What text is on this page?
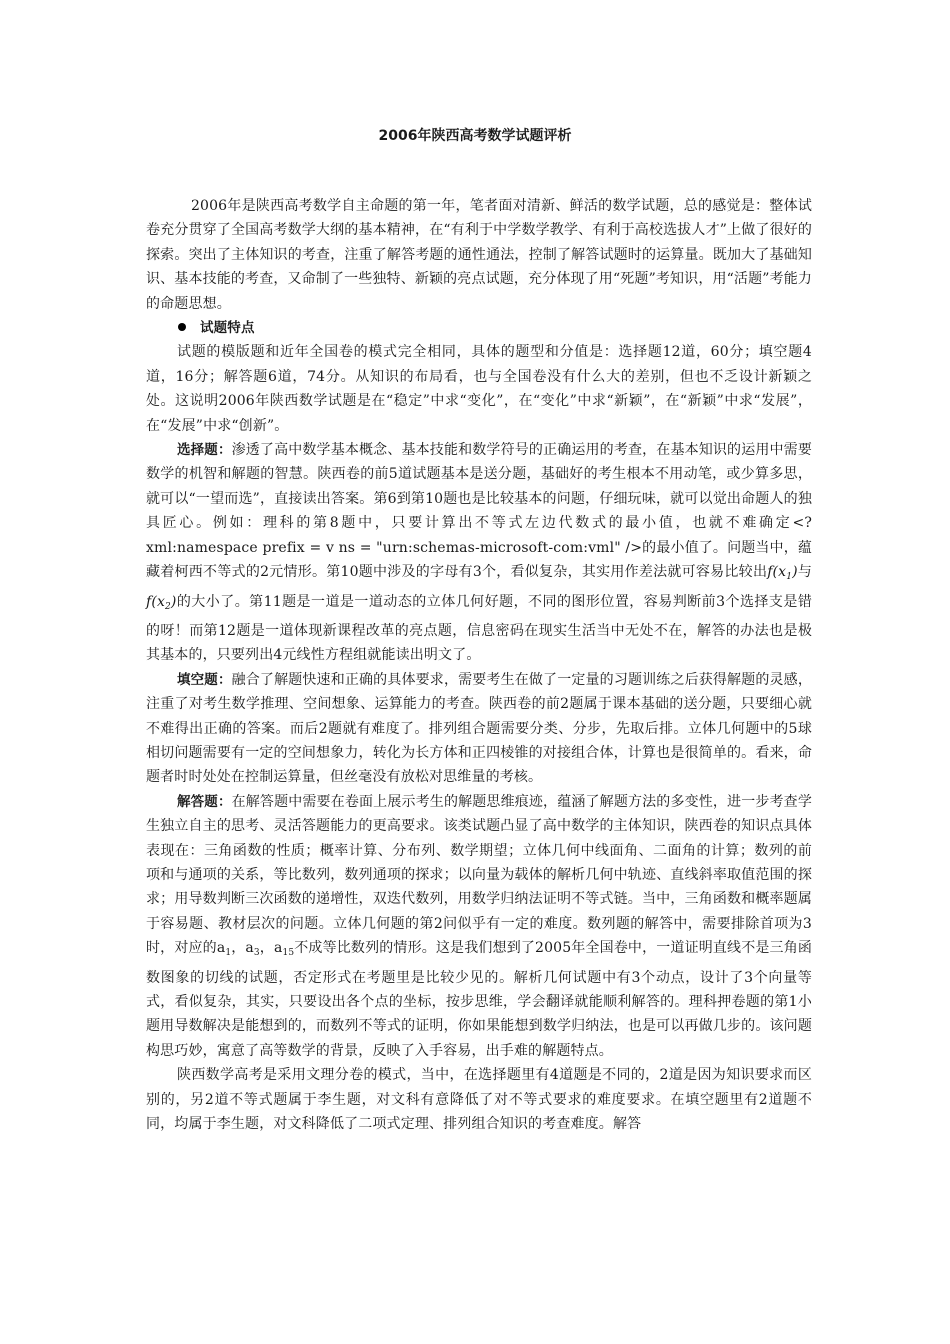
2006年陕西高考数学试题评析

2006年是陕西高考数学自主命题的第一年，笔者面对清新、鲜活的数学试题，总的感觉是：整体试卷充分贯穿了全国高考数学大纲的基本精神，在“有利于中学数学教学、有利于高校选拔人才”上做了很好的探索。突出了主体知识的考查，注重了解答考题的通性通法，控制了解答试题时的运算量。既加大了基础知识、基本技能的考查，又命制了一些独特、新颖的亮点试题，充分体现了用“死题”考知识，用“活题”考能力的命题思想。

试题特点

试题的模版题和近年全国卷的模式完全相同，具体的题型和分值是：选择题12道，60分；填空题4道，16分；解答题6道，74分。从知识的布局看，也与全国卷没有什么大的差别，但也不乏设计新颖之处。这说明2006年陕西数学试题是在“稳定”中求“变化”，在“变化”中求“新颖”，在“新颖”中求“发展”，在“发展”中求“创新”。

选择题：渗透了高中数学基本概念、基本技能和数学符号的正确运用的考查，在基本知识的运用中需要数学的机智和解题的智慧。陕西卷的前5道试题基本是送分题，基础好的考生根本不用动笔，或少算多思，就可以“一望而选”，直接读出答案。第6到第10题也是比较基本的问题，仔细玩味，就可以觉出命题人的独具匠心。例如：理科的第8题中，只要计算出不等式左边代数式的最小值，也就不难确定<?xml:namespace prefix = v ns = "urn:schemas-microsoft-com:vml" />的最小值了。问题当中，蕴藏着柯西不等式的2元情形。第10题中涉及的字母有3个，看似复杂，其实用作差法就可容易比较出$f(x_1)$与$f(x_2)$的大小了。第11题是一道是一道动态的立体几何好题，不同的图形位置，容易判断前3个选择支是错的呀！而第12题是一道体现新课程改革的亮点题，信息密码在现实生活当中无处不在，解答的办法也是极其基本的，只要列出4元线性方程组就能读出明文了。

填空题：融合了解题快速和正确的具体要求，需要考生在做了一定量的习题训练之后获得解题的灵感，注重了对考生数学推理、空间想象、运算能力的考查。陕西卷的前2题属于课本基础的送分题，只要细心就不难得出正确的答案。而后2题就有难度了。排列组合题需要分类、分步，先取后排。立体几何题中的5球相切问题需要有一定的空间想象力，转化为长方体和正四棱锥的对接组合体，计算也是很简单的。看来，命题者时时处处在控制运算量，但丝毫没有放松对思维量的考核。

解答题：在解答题中需要在卷面上展示考生的解题思维痕迹，蕴涵了解题方法的多变性，进一步考查学生独立自主的思考、灵活答题能力的更高要求。该类试题凸显了高中数学的主体知识，陕西卷的知识点具体表现在：三角函数的性质；概率计算、分布列、数学期望；立体几何中线面角、二面角的计算；数列的前 项和与通项的关系，等比数列，数列通项的探求；以向量为载体的解析几何中轨迹、直线斜率取值范围的探求；用导数判断三次函数的递增性，双迭代数列，用数学归纳法证明不等式链。当中，三角函数和概率题属于容易题、教材层次的问题。立体几何题的第2问似乎有一定的难度。数列题的解答中，需要排除首项为3时，对应的$a_1$，$a_3$，$a_{15}$不成等比数列的情形。这是我们想到了2005年全国卷中，一道证明直线不是三角函数图象的切线的试题，否定形式在考题里是比较少见的。解析几何试题中有3个动点，设计了3个向量等式，看似复杂，其实，只要设出各个点的坐标，按步思维，学会翻译就能顺利解答的。理科押卷题的第1小题用导数解决是能想到的，而数列不等式的证明，你如果能想到数学归纳法，也是可以再做几步的。该问题构思巧妙，寓意了高等数学的背景，反映了入手容易，出手难的解题特点。

陕西数学高考是采用文理分卷的模式，当中，在选择题里有4道题是不同的，2道是因为知识要求而区别的，另2道不等式题属于李生题，对文科有意降低了对不等式要求的难度要求。在填空题里有2道题不同，均属于李生题，对文科降低了二项式定理、排列组合知识的考查难度。解答
